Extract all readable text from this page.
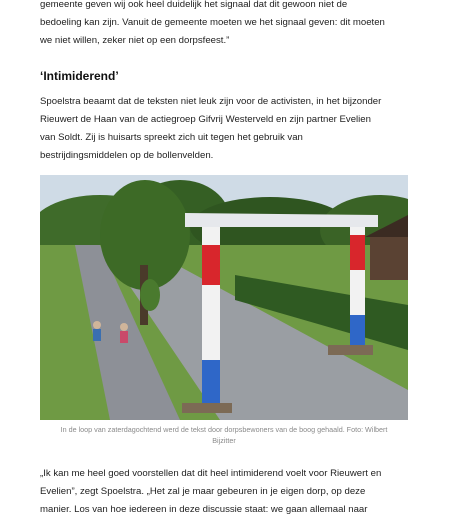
gemeente geven wij ook heel duidelijk het signaal dat dit gewoon niet de
bedoeling kan zijn. Vanuit de gemeente moeten we het signaal geven: dit moeten
we niet willen, zeker niet op een dorpsfeest.”
‘Intimiderend’
Spoelstra beaamt dat de teksten niet leuk zijn voor de activisten, in het bijzonder
Rieuwert de Haan van de actiegroep Gifvrij Westerveld en zijn partner Evelien
van Soldt. Zij is huisarts spreekt zich uit tegen het gebruik van
bestrijdingsmiddelen op de bollenvelden.
In de loop van zaterdagochtend werd de tekst door dorpsbewoners van de boog gehaald. Foto: Wilbert
Bijzitter
„Ik kan me heel goed voorstellen dat dit heel intimiderend voelt voor Rieuwert en
Evelien”, zegt Spoelstra. „Het zal je maar gebeuren in je eigen dorp, op deze
manier. Los van hoe iedereen in deze discussie staat: we gaan allemaal naar
